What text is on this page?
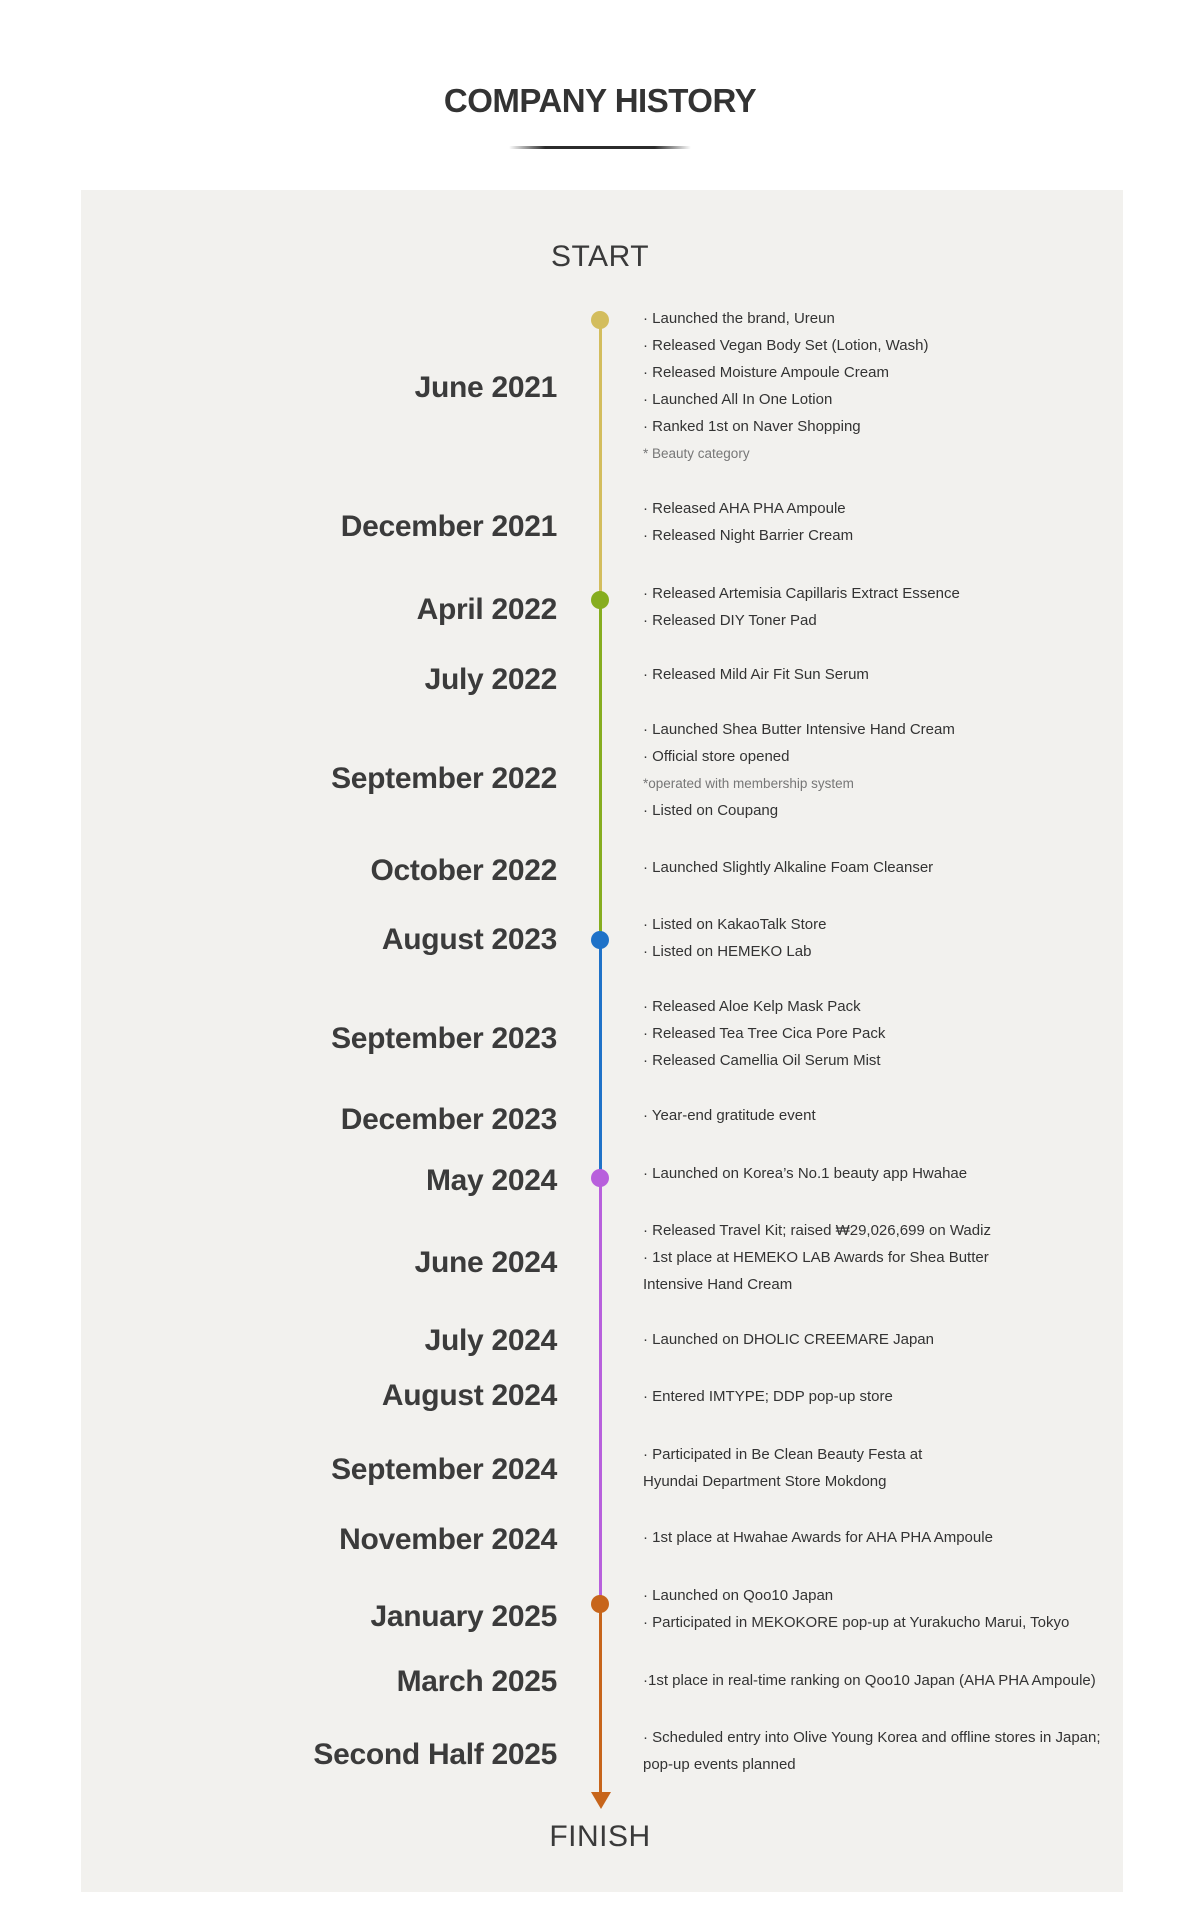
COMPANY HISTORY
START
June 2021
December 2021
April 2022
July 2022
September 2022
October 2022
August 2023
September 2023
December 2023
May 2024
June 2024
July 2024
August 2024
September 2024
November 2024
January 2025
March 2025
Second Half 2025
· Launched the brand, Ureun
· Released Vegan Body Set (Lotion, Wash)
· Released Moisture Ampoule Cream
· Launched All In One Lotion
· Ranked 1st on Naver Shopping
* Beauty category
· Released AHA PHA Ampoule
· Released Night Barrier Cream
· Released Artemisia Capillaris Extract Essence
· Released DIY Toner Pad
· Released Mild Air Fit Sun Serum
· Launched Shea Butter Intensive Hand Cream
· Official store opened
*operated with membership system
· Listed on Coupang
· Launched Slightly Alkaline Foam Cleanser
· Listed on KakaoTalk Store
· Listed on HEMEKO Lab
· Released Aloe Kelp Mask Pack
· Released Tea Tree Cica Pore Pack
· Released Camellia Oil Serum Mist
· Year-end gratitude event
· Launched on Korea’s No.1 beauty app Hwahae
· Released Travel Kit; raised ₩29,026,699 on Wadiz
· 1st place at HEMEKO LAB Awards for Shea Butter
Intensive Hand Cream
· Launched on DHOLIC CREEMARE Japan
· Entered IMTYPE; DDP pop-up store
· Participated in Be Clean Beauty Festa at
Hyundai Department Store Mokdong
· 1st place at Hwahae Awards for AHA PHA Ampoule
· Launched on Qoo10 Japan
· Participated in MEKOKORE pop-up at Yurakucho Marui, Tokyo
·1st place in real-time ranking on Qoo10 Japan (AHA PHA Ampoule)
· Scheduled entry into Olive Young Korea and offline stores in Japan;
pop-up events planned
FINISH
